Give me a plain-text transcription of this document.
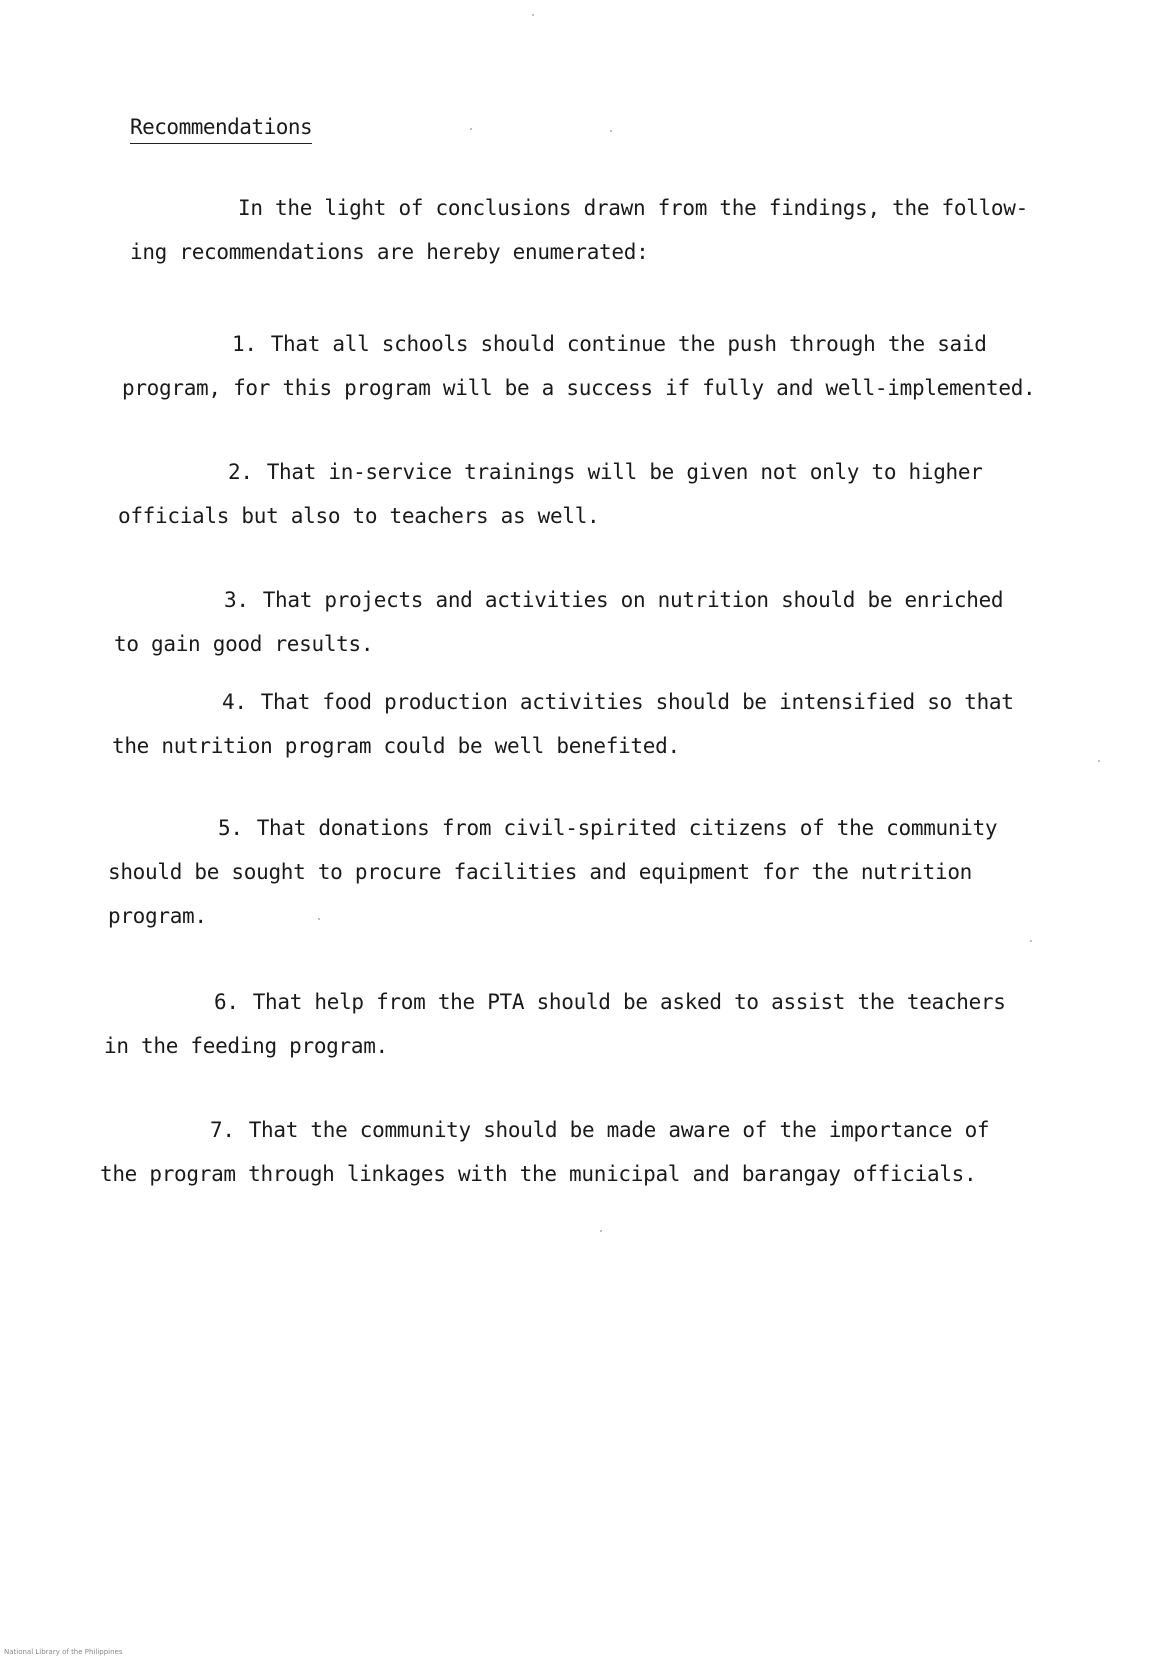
Recommendations

In the light of conclusions drawn from the findings, the follow-
ing recommendations are hereby enumerated:

1. That all schools should continue the push through the said
program, for this program will be a success if fully and well-implemented.

2. That in-service trainings will be given not only to higher
officials but also to teachers as well.

3. That projects and activities on nutrition should be enriched
to gain good results.

4. That food production activities should be intensified so that
the nutrition program could be well benefited.

5. That donations from civil-spirited citizens of the community
should be sought to procure facilities and equipment for the nutrition
program.

6. That help from the PTA should be asked to assist the teachers
in the feeding program.

7. That the community should be made aware of the importance of
the program through linkages with the municipal and barangay officials.

National Library of the Philippines
